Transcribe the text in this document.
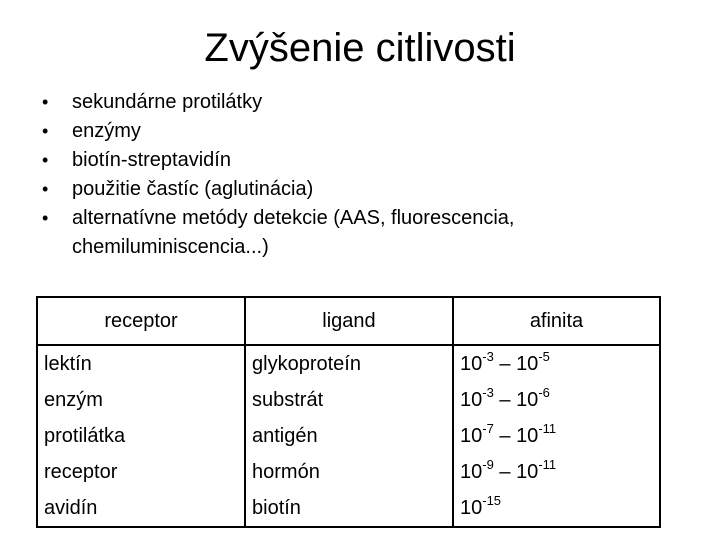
Zvýšenie citlivosti
• sekundárne protilátky
• enzýmy
• biotín-streptavidín
• použitie častíc (aglutinácia)
• alternatívne metódy detekcie (AAS, fluorescencia, chemiluminiscencia...)
receptor	ligand	afinita
lektín	glykoproteín	$10^{-3} - 10^{-5}$
enzým	substrát	$10^{-3} - 10^{-6}$
protilátka	antigén	$10^{-7} - 10^{-11}$
receptor	hormón	$10^{-9} - 10^{-11}$
avidín	biotín	$10^{-15}$
